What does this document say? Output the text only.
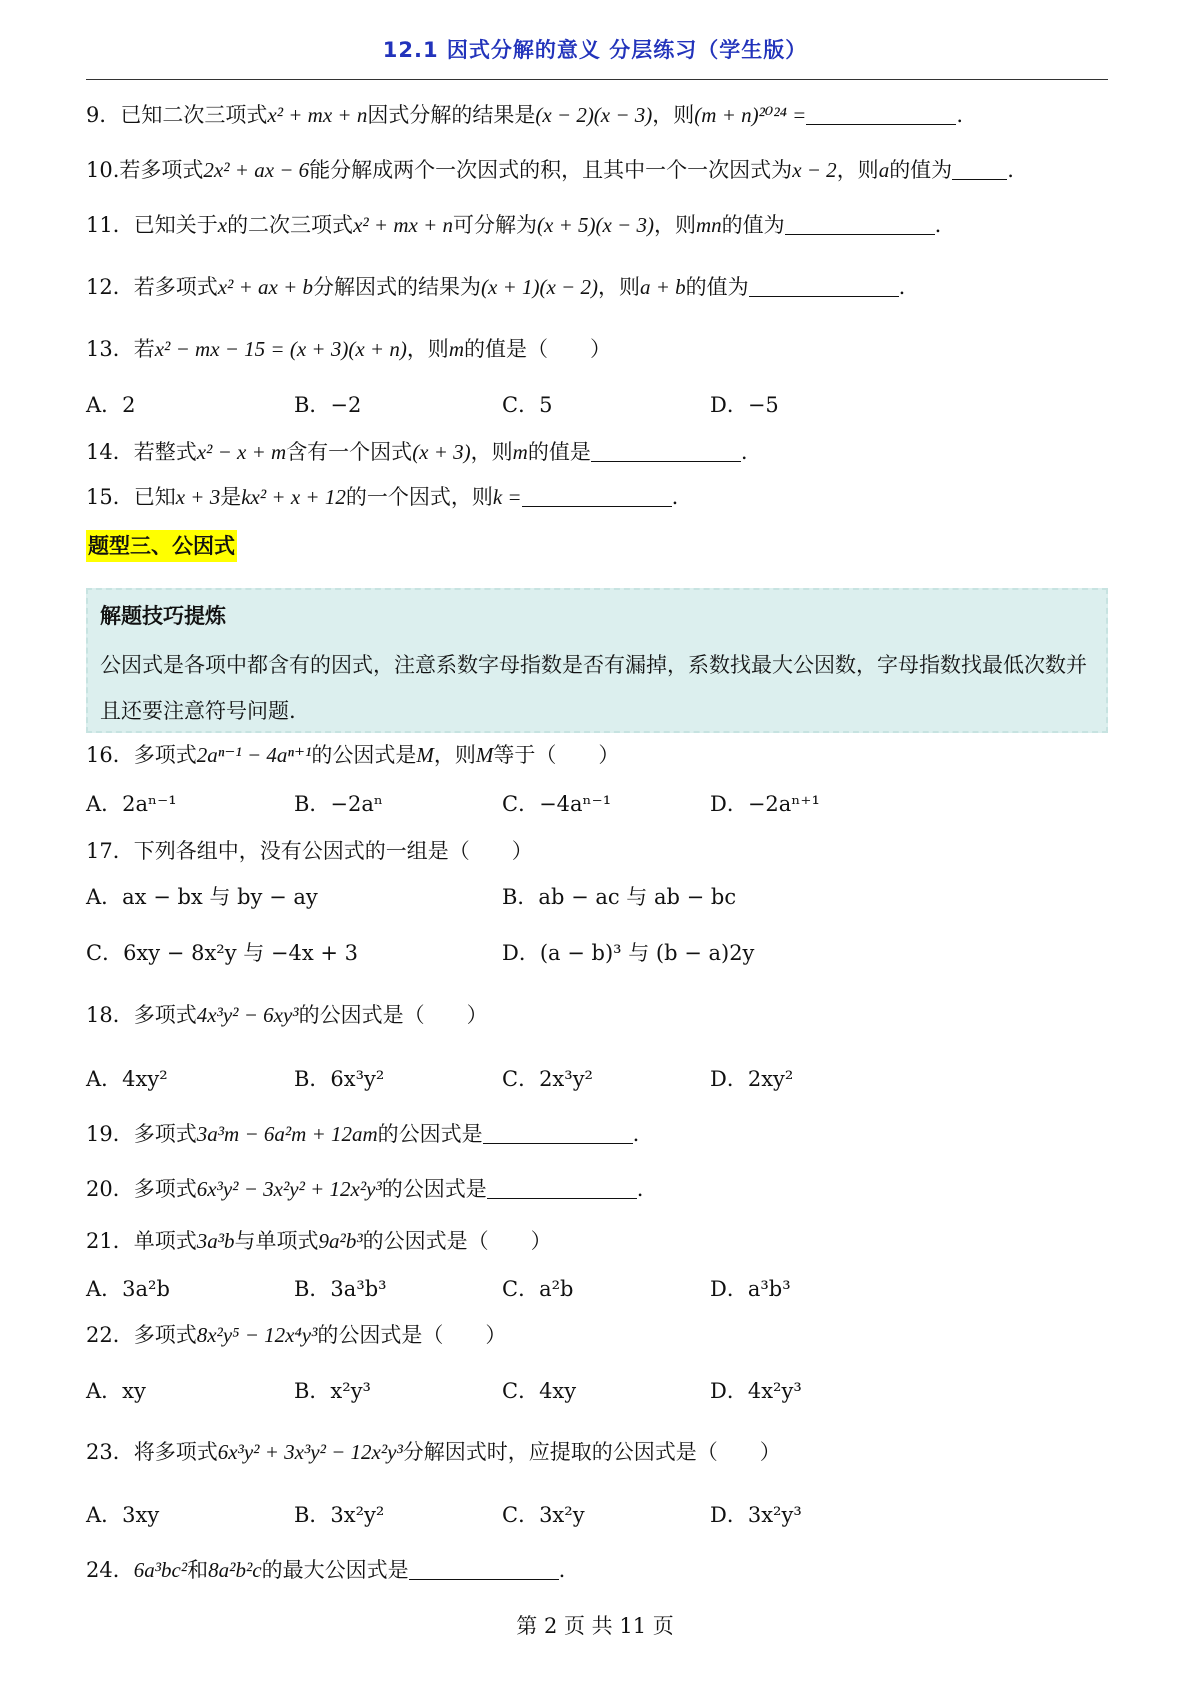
12.1 因式分解的意义 分层练习（学生版）
9．已知二次三项式x² + mx + n因式分解的结果是(x − 2)(x − 3)，则(m + n)²⁰²⁴ =	.
10.若多项式2x² + ax − 6能分解成两个一次因式的积，且其中一个一次因式为x − 2，则a的值为	.
11．已知关于x的二次三项式x² + mx + n可分解为(x + 5)(x − 3)，则mn的值为	.
12．若多项式x² + ax + b分解因式的结果为(x + 1)(x − 2)，则a + b的值为	.
13．若x² − mx − 15 = (x + 3)(x + n)，则m的值是（　　）
A．2	B．−2	C．5	D．−5
14．若整式x² − x + m含有一个因式(x + 3)，则m的值是	.
15．已知x + 3是kx² + x + 12的一个因式，则k =	.
题型三、公因式
解题技巧提炼
公因式是各项中都含有的因式，注意系数字母指数是否有漏掉，系数找最大公因数，字母指数找最低次数并且还要注意符号问题.
16．多项式2aⁿ⁻¹ − 4aⁿ⁺¹的公因式是M，则M等于（　　）
A．2aⁿ⁻¹	B．−2aⁿ	C．−4aⁿ⁻¹	D．−2aⁿ⁺¹
17．下列各组中，没有公因式的一组是（　　）
A．ax − bx 与 by − ay	B．ab − ac 与 ab − bc
C．6xy − 8x²y 与 −4x + 3	D．(a − b)³ 与 (b − a)2y
18．多项式4x³y² − 6xy³的公因式是（　　）
A．4xy²	B．6x³y²	C．2x³y²	D．2xy²
19．多项式3a³m − 6a²m + 12am的公因式是	.
20．多项式6x³y² − 3x²y² + 12x²y³的公因式是	.
21．单项式3a³b与单项式9a²b³的公因式是（　　）
A．3a²b	B．3a³b³	C．a²b	D．a³b³
22．多项式8x²y⁵ − 12x⁴y³的公因式是（　　）
A．xy	B．x²y³	C．4xy	D．4x²y³
23．将多项式6x³y² + 3x³y² − 12x²y³分解因式时，应提取的公因式是（　　）
A．3xy	B．3x²y²	C．3x²y	D．3x²y³
24．6a³bc²和8a²b²c的最大公因式是	.
第 2 页 共 11 页
